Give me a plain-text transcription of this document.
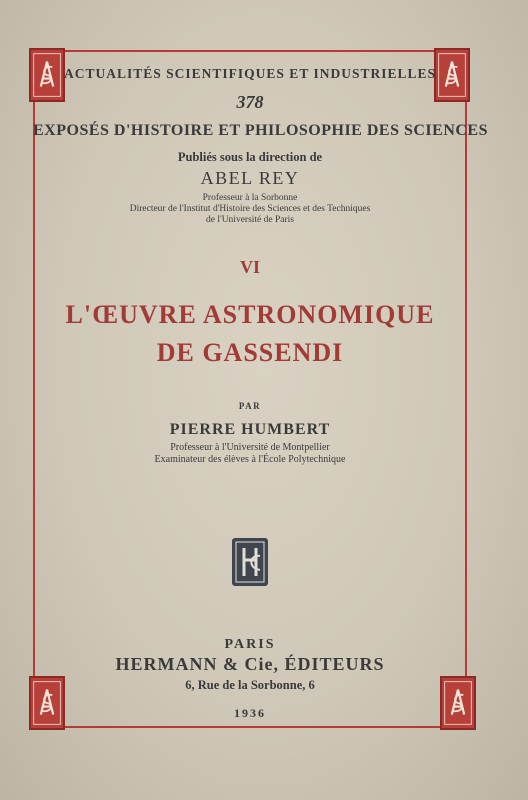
ACTUALITÉS SCIENTIFIQUES ET INDUSTRIELLES
378
EXPOSÉS D'HISTOIRE ET PHILOSOPHIE DES SCIENCES
Publiés sous la direction de
ABEL REY
Professeur à la Sorbonne
Directeur de l'Institut d'Histoire des Sciences et des Techniques
de l'Université de Paris
VI
L'ŒUVRE ASTRONOMIQUE
DE GASSENDI
PAR
PIERRE HUMBERT
Professeur à l'Université de Montpellier
Examinateur des élèves à l'École Polytechnique
PARIS
HERMANN & Cie, ÉDITEURS
6, Rue de la Sorbonne, 6
1936
